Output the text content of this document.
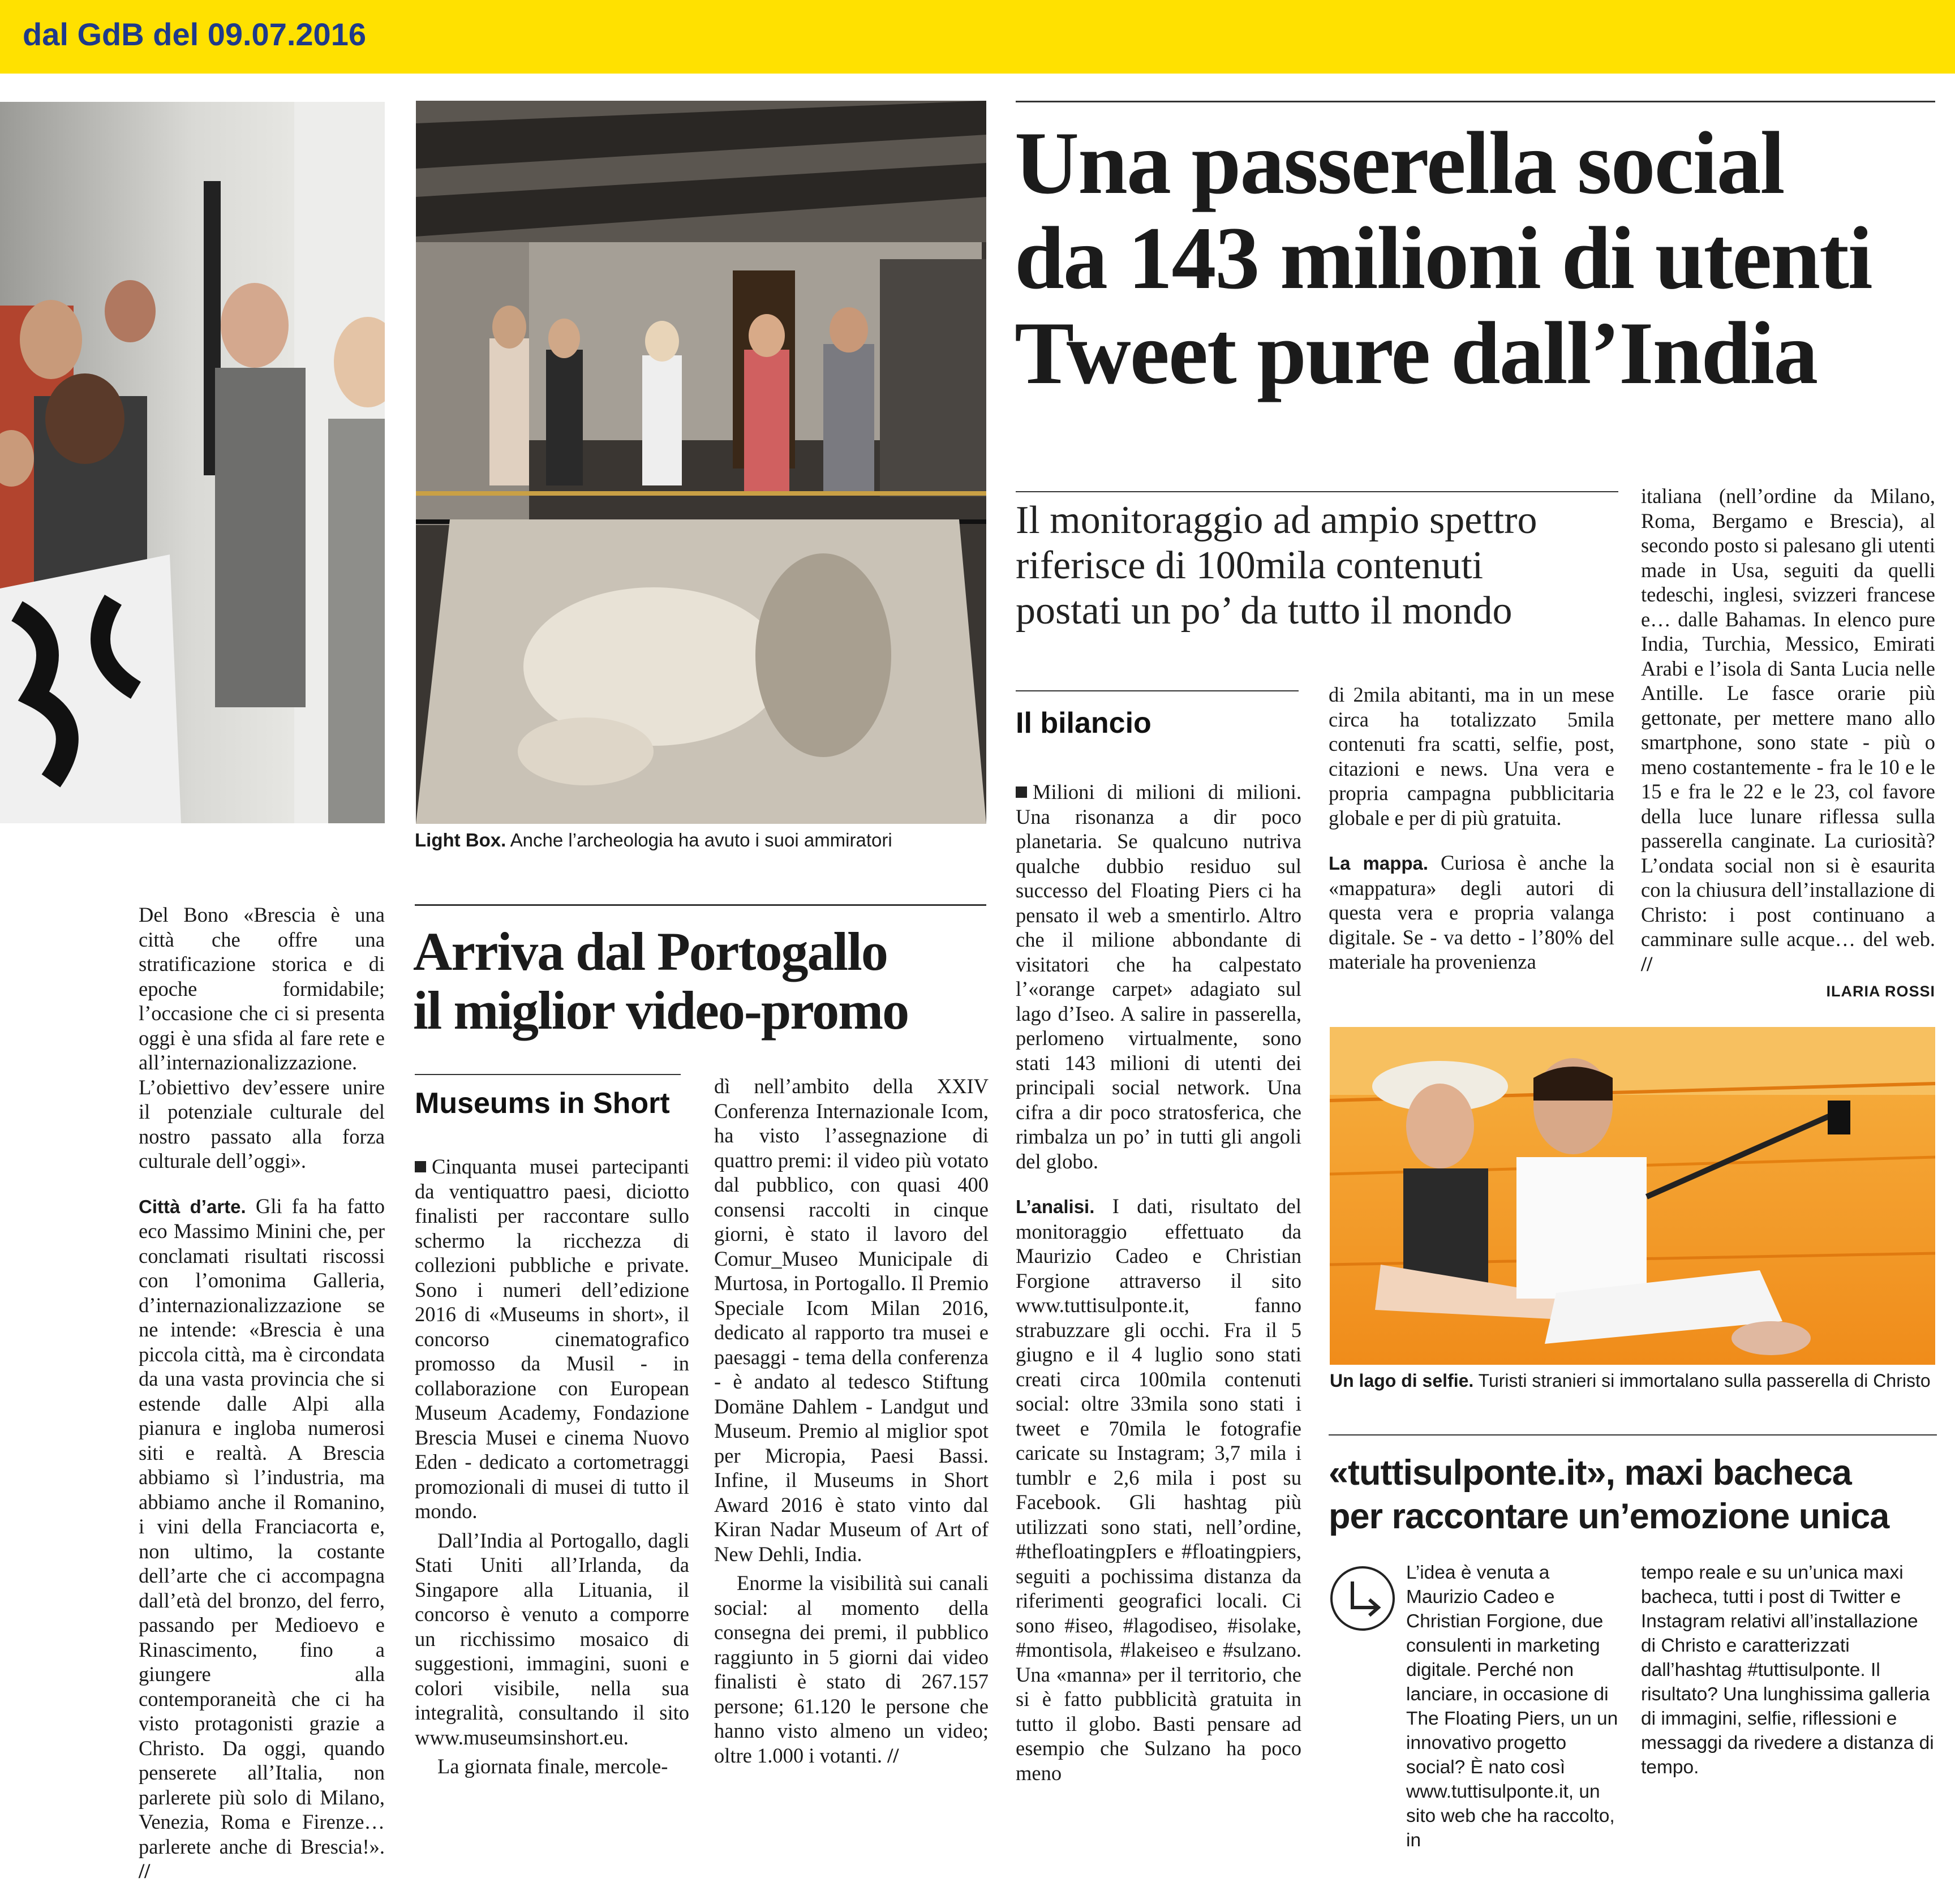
dal GdB del 09.07.2016
Light Box. Anche l’archeologia ha avuto i suoi ammiratori

Del Bono «Brescia è una città che offre una stratificazione storica e di epoche formidabile; l’occasione che ci si presenta oggi è una sfida al fare rete e all’internazionalizzazione. L’obiettivo dev’essere unire il potenziale culturale del nostro passato alla forza culturale dell’oggi».

Città d’arte. Gli fa ha fatto eco Massimo Minini che, per conclamati risultati riscossi con l’omonima Galleria, d’internazionalizzazione se ne intende: «Brescia è una piccola città, ma è circondata da una vasta provincia che si estende dalle Alpi alla pianura e ingloba numerosi siti e realtà. A Brescia abbiamo sì l’industria, ma abbiamo anche il Romanino, i vini della Franciacorta e, non ultimo, la costante dell’arte che ci accompagna dall’età del bronzo, del ferro, passando per Medioevo e Rinascimento, fino a giungere alla contemporaneità che ci ha visto protagonisti grazie a Christo. Da oggi, quando penserete all’Italia, non parlerete più solo di Milano, Venezia, Roma e Firenze… parlerete anche di Brescia!». //

Arriva dal Portogallo
il miglior video-promo
Museums in Short

Cinquanta musei partecipanti da ventiquattro paesi, diciotto finalisti per raccontare sullo schermo la ricchezza di collezioni pubbliche e private. Sono i numeri dell’edizione 2016 di «Museums in short», il concorso cinematografico promosso da Musil - in collaborazione con European Museum Academy, Fondazione Brescia Musei e cinema Nuovo Eden - dedicato a cortometraggi promozionali di musei di tutto il mondo.

Dall’India al Portogallo, dagli Stati Uniti all’Irlanda, da Singapore alla Lituania, il concorso è venuto a comporre un ricchissimo mosaico di suggestioni, immagini, suoni e colori visibile, nella sua integralità, consultando il sito www.museumsinshort.eu.

La giornata finale, mercole-

dì nell’ambito della XXIV Conferenza Internazionale Icom, ha visto l’assegnazione di quattro premi: il video più votato dal pubblico, con quasi 400 consensi raccolti in cinque giorni, è stato il lavoro del Comur_Museo Municipale di Murtosa, in Portogallo. Il Premio Speciale Icom Milan 2016, dedicato al rapporto tra musei e paesaggi - tema della conferenza - è andato al tedesco Stiftung Domäne Dahlem - Landgut und Museum. Premio al miglior spot per Micropia, Paesi Bassi. Infine, il Museums in Short Award 2016 è stato vinto dal Kiran Nadar Museum of Art of New Dehli, India.

Enorme la visibilità sui canali social: al momento della consegna dei premi, il pubblico raggiunto in 5 giorni dai video finalisti è stato di 267.157 persone; 61.120 le persone che hanno visto almeno un video; oltre 1.000 i votanti. //

Una passerella social
da 143 milioni di utenti
Tweet pure dall’India
Il monitoraggio ad ampio spettro
riferisce di 100mila contenuti
postati un po’ da tutto il mondo
Il bilancio

Milioni di milioni di milioni. Una risonanza a dir poco planetaria. Se qualcuno nutriva qualche dubbio residuo sul successo del Floating Piers ci ha pensato il web a smentirlo. Altro che il milione abbondante di visitatori che ha calpestato l’«orange carpet» adagiato sul lago d’Iseo. A salire in passerella, perlomeno virtualmente, sono stati 143 milioni di utenti dei principali social network. Una cifra a dir poco stratosferica, che rimbalza un po’ in tutti gli angoli del globo.

L’analisi. I dati, risultato del monitoraggio effettuato da Maurizio Cadeo e Christian Forgione attraverso il sito www.tuttisulponte.it, fanno strabuzzare gli occhi. Fra il 5 giugno e il 4 luglio sono stati creati circa 100mila contenuti social: oltre 33mila sono stati i tweet e 70mila le fotografie caricate su Instagram; 3,7 mila i tumblr e 2,6 mila i post su Facebook. Gli hashtag più utilizzati sono stati, nell’ordine, #thefloatingpIers e #floatingpiers, seguiti a pochissima distanza da riferimenti geografici locali. Ci sono #iseo, #lagodiseo, #isolake, #montisola, #lakeiseo e #sulzano. Una «manna» per il territorio, che si è fatto pubblicità gratuita in tutto il globo. Basti pensare ad esempio che Sulzano ha poco meno

di 2mila abitanti, ma in un mese circa ha totalizzato 5mila contenuti fra scatti, selfie, post, citazioni e news. Una vera e propria campagna pubblicitaria globale e per di più gratuita.

La mappa. Curiosa è anche la «mappatura» degli autori di questa vera e propria valanga digitale. Se - va detto - l’80% del materiale ha provenienza

italiana (nell’ordine da Milano, Roma, Bergamo e Brescia), al secondo posto si palesano gli utenti made in Usa, seguiti da quelli tedeschi, inglesi, svizzeri francese e… dalle Bahamas. In elenco pure India, Turchia, Messico, Emirati Arabi e l’isola di Santa Lucia nelle Antille. Le fasce orarie più gettonate, per mettere mano allo smartphone, sono state - più o meno costantemente - fra le 10 e le 15 e fra le 22 e le 23, col favore della luce lunare riflessa sulla passerella canginate. La curiosità? L’ondata social non si è esaurita con la chiusura dell’installazione di Christo: i post continuano a camminare sulle acque… del web. //

ILARIA ROSSI
Un lago di selfie. Turisti stranieri si immortalano sulla passerella di Christo
«tuttisulponte.it», maxi bacheca
per raccontare un’emozione unica
L’idea è venuta a Maurizio Cadeo e Christian Forgione, due consulenti in marketing digitale. Perché non lanciare, in occasione di The Floating Piers, un un innovativo progetto social? È nato così www.tuttisulponte.it, un sito web che ha raccolto, in
tempo reale e su un’unica maxi bacheca, tutti i post di Twitter e Instagram relativi all’installazione di Christo e caratterizzati dall’hashtag #tuttisulponte. Il risultato? Una lunghissima galleria di immagini, selfie, riflessioni e messaggi da rivedere a distanza di tempo.
